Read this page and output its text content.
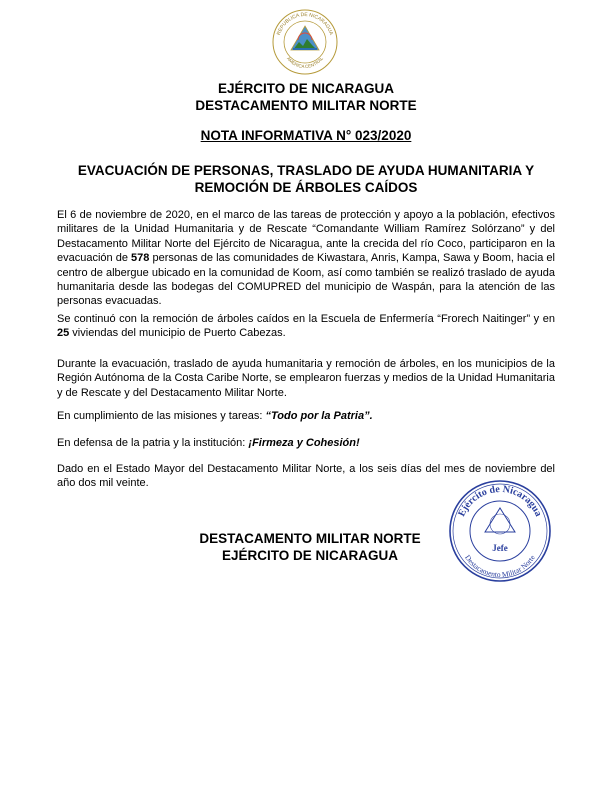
REPUBLICA DE NICARAGUA
AMERICA CENTRAL
EJÉRCITO DE NICARAGUA
DESTACAMENTO MILITAR NORTE
NOTA INFORMATIVA N° 023/2020
EVACUACIÓN DE PERSONAS, TRASLADO DE AYUDA HUMANITARIA Y
REMOCIÓN DE ÁRBOLES CAÍDOS
El 6 de noviembre de 2020, en el marco de las tareas de protección y apoyo a la población, efectivos militares de la Unidad Humanitaria y de Rescate “Comandante William Ramírez Solórzano” y del Destacamento Militar Norte del Ejército de Nicaragua, ante la crecida del río Coco, participaron en la evacuación de 578 personas de las comunidades de Kiwastara, Anris, Kampa, Sawa y Boom, hacia el centro de albergue ubicado en la comunidad de Koom, así como también se realizó traslado de ayuda humanitaria desde las bodegas del COMUPRED del municipio de Waspán, para la atención de las personas evacuadas.
Se continuó con la remoción de árboles caídos en la Escuela de Enfermería “Frorech Naitinger” y en 25 viviendas del municipio de Puerto Cabezas.
Durante la evacuación, traslado de ayuda humanitaria y remoción de árboles, en los municipios de la Región Autónoma de la Costa Caribe Norte, se emplearon fuerzas y medios de la Unidad Humanitaria y de Rescate y del Destacamento Militar Norte.
En cumplimiento de las misiones y tareas: “Todo por la Patria”.
En defensa de la patria y la institución: ¡Firmeza y Cohesión!
Dado en el Estado Mayor del Destacamento Militar Norte, a los seis días del mes de noviembre del año dos mil veinte.
DESTACAMENTO MILITAR NORTE
EJÉRCITO DE NICARAGUA
Ejército de Nicaragua
Destacamento Militar Norte
Jefe
